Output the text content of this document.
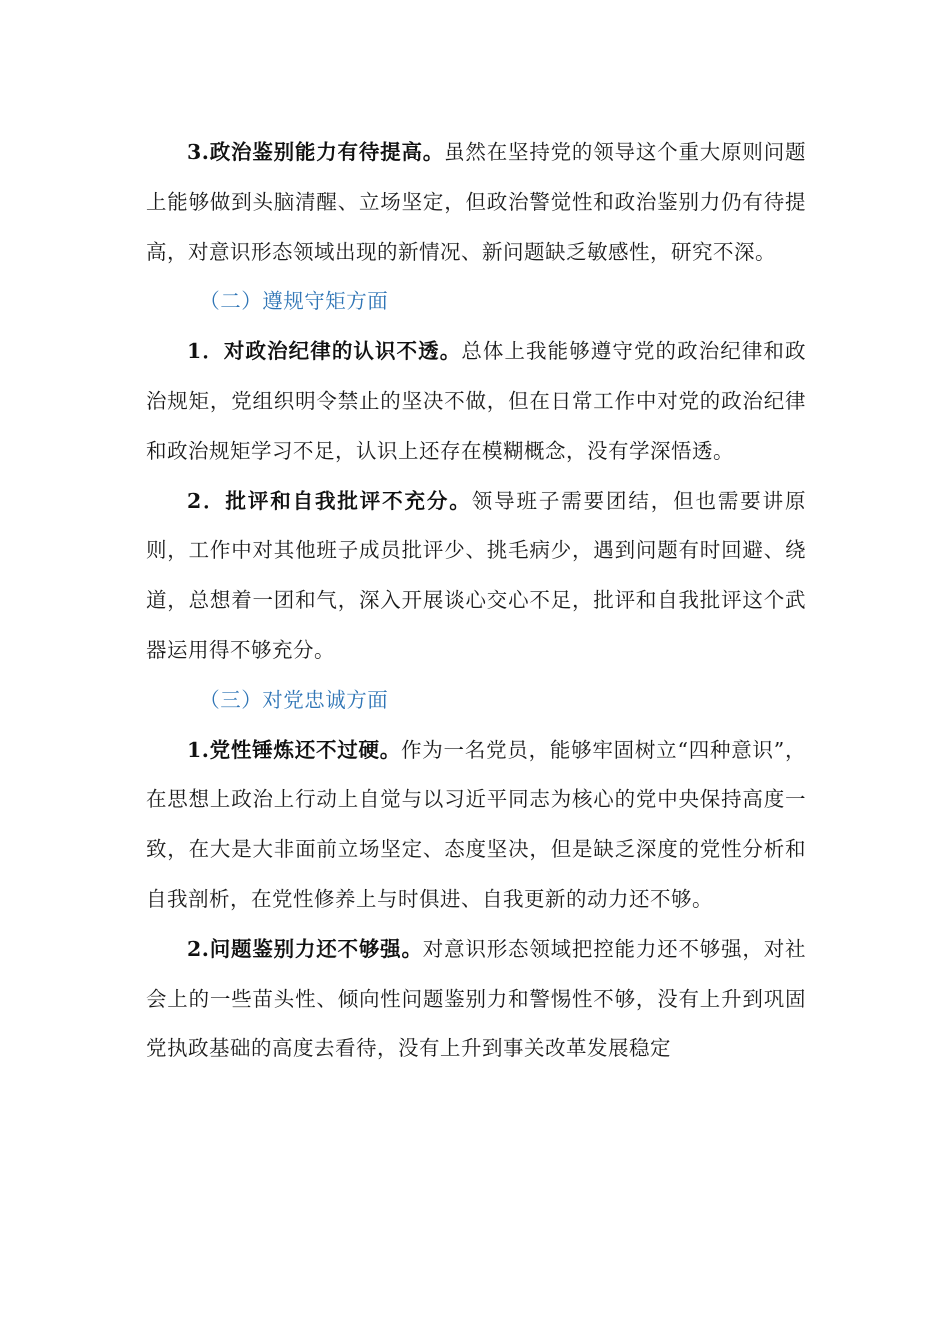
3.政治鉴别能力有待提高。虽然在坚持党的领导这个重大原则问题上能够做到头脑清醒、立场坚定，但政治警觉性和政治鉴别力仍有待提高，对意识形态领域出现的新情况、新问题缺乏敏感性，研究不深。

（二）遵规守矩方面

1．对政治纪律的认识不透。总体上我能够遵守党的政治纪律和政治规矩，党组织明令禁止的坚决不做，但在日常工作中对党的政治纪律和政治规矩学习不足，认识上还存在模糊概念，没有学深悟透。

2．批评和自我批评不充分。领导班子需要团结，但也需要讲原则，工作中对其他班子成员批评少、挑毛病少，遇到问题有时回避、绕道，总想着一团和气，深入开展谈心交心不足，批评和自我批评这个武器运用得不够充分。

（三）对党忠诚方面

1.党性锤炼还不过硬。作为一名党员，能够牢固树立“四种意识”，在思想上政治上行动上自觉与以习近平同志为核心的党中央保持高度一致，在大是大非面前立场坚定、态度坚决，但是缺乏深度的党性分析和自我剖析，在党性修养上与时俱进、自我更新的动力还不够。

2.问题鉴别力还不够强。对意识形态领域把控能力还不够强，对社会上的一些苗头性、倾向性问题鉴别力和警惕性不够，没有上升到巩固党执政基础的高度去看待，没有上升到事关改革发展稳定
